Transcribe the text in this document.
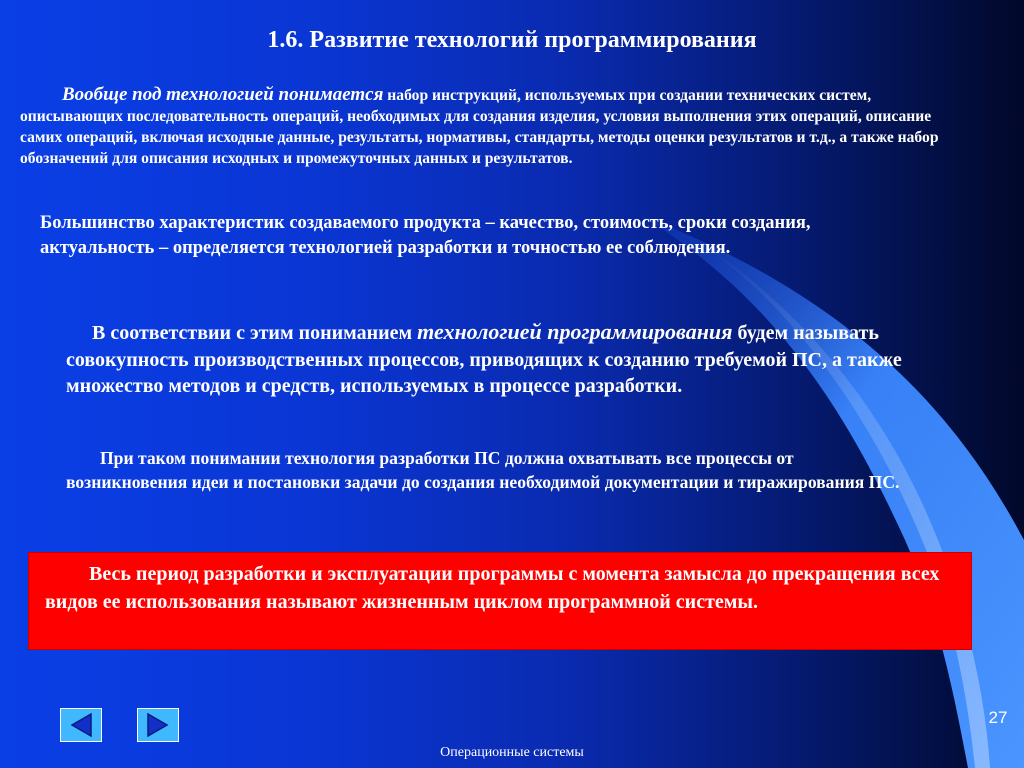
1.6. Развитие технологий программирования
Вообще под технологией понимается набор инструкций, используемых при создании технических систем, описывающих последовательность операций, необходимых для создания изделия, условия выполнения этих операций, описание самих операций, включая исходные данные, результаты, нормативы, стандарты, методы оценки результатов и т.д., а также набор обозначений для описания исходных и промежуточных данных и результатов.
Большинство характеристик создаваемого продукта – качество, стоимость, сроки создания, актуальность – определяется технологией разработки и точностью ее соблюдения.
В соответствии с этим пониманием технологией программирования будем называть совокупность производственных процессов, приводящих к созданию требуемой ПС, а также множество методов и средств, используемых в процессе разработки.
При таком понимании технология разработки ПС должна охватывать все процессы от возникновения идеи и постановки задачи до создания необходимой документации и тиражирования ПС.
Весь период разработки и эксплуатации программы с момента замысла до прекращения всех видов ее использования называют жизненным циклом программной системы.
27
Операционные системы
